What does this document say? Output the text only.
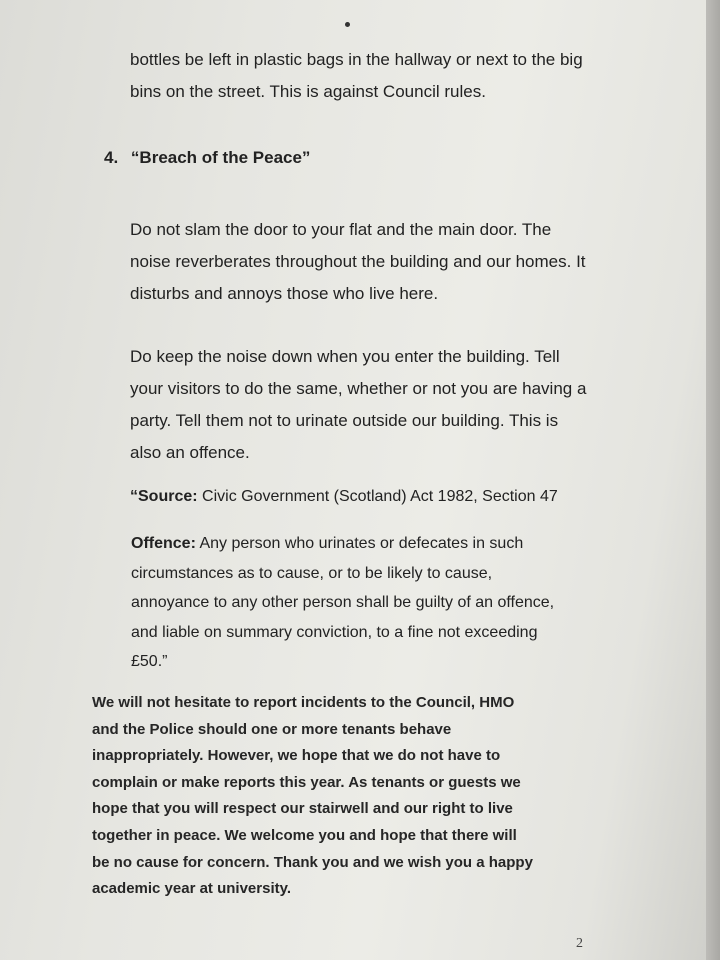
bottles be left in plastic bags in the hallway or next to the big
bins on the street. This is against Council rules.
4. “Breach of the Peace”
Do not slam the door to your flat and the main door. The
noise reverberates throughout the building and our homes. It
disturbs and annoys those who live here.
Do keep the noise down when you enter the building. Tell
your visitors to do the same, whether or not you are having a
party. Tell them not to urinate outside our building. This is
also an offence.
“Source: Civic Government (Scotland) Act 1982, Section 47
Offence: Any person who urinates or defecates in such
circumstances as to cause, or to be likely to cause,
annoyance to any other person shall be guilty of an offence,
and liable on summary conviction, to a fine not exceeding
£50.”
We will not hesitate to report incidents to the Council, HMO
and the Police should one or more tenants behave
inappropriately. However, we hope that we do not have to
complain or make reports this year. As tenants or guests we
hope that you will respect our stairwell and our right to live
together in peace. We welcome you and hope that there will
be no cause for concern. Thank you and we wish you a happy
academic year at university.
2
